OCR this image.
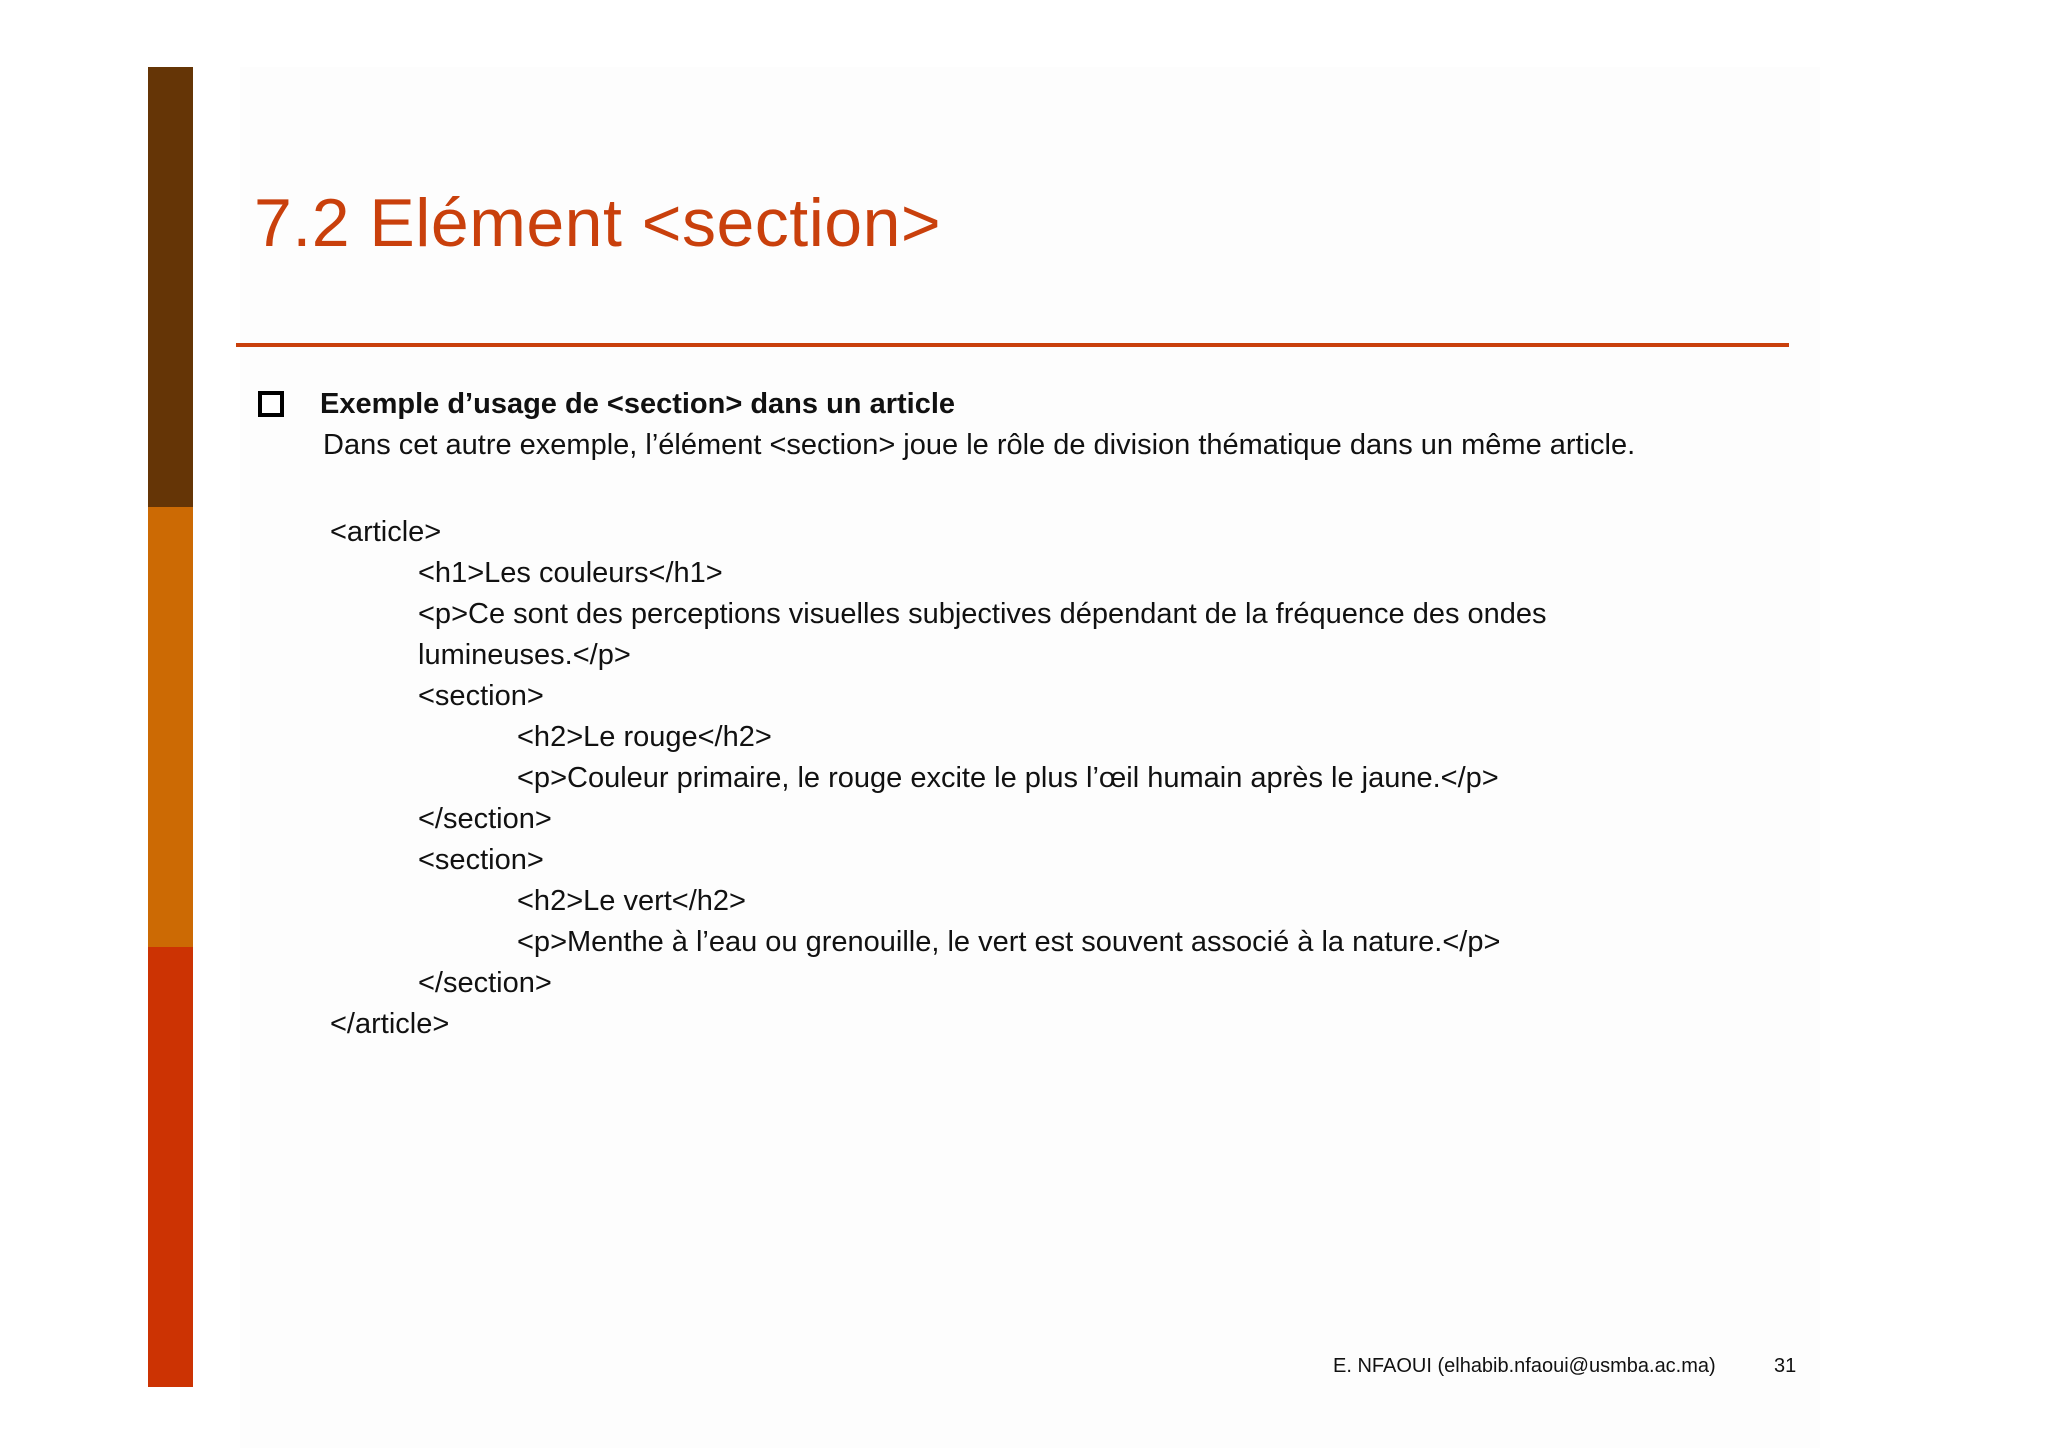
7.2 Elément <section>

Exemple d’usage de <section> dans un article

Dans cet autre exemple, l’élément <section> joue le rôle de division thématique dans un même article.

<article>

<h1>Les couleurs</h1>

<p>Ce sont des perceptions visuelles subjectives dépendant de la fréquence des ondes

lumineuses.</p>

<section>

<h2>Le rouge</h2>

<p>Couleur primaire, le rouge excite le plus l’œil humain après le jaune.</p>

</section>

<section>

<h2>Le vert</h2>

<p>Menthe à l’eau ou grenouille, le vert est souvent associé à la nature.</p>

</section>

</article>

E. NFAOUI (elhabib.nfaoui@usmba.ac.ma)	31
